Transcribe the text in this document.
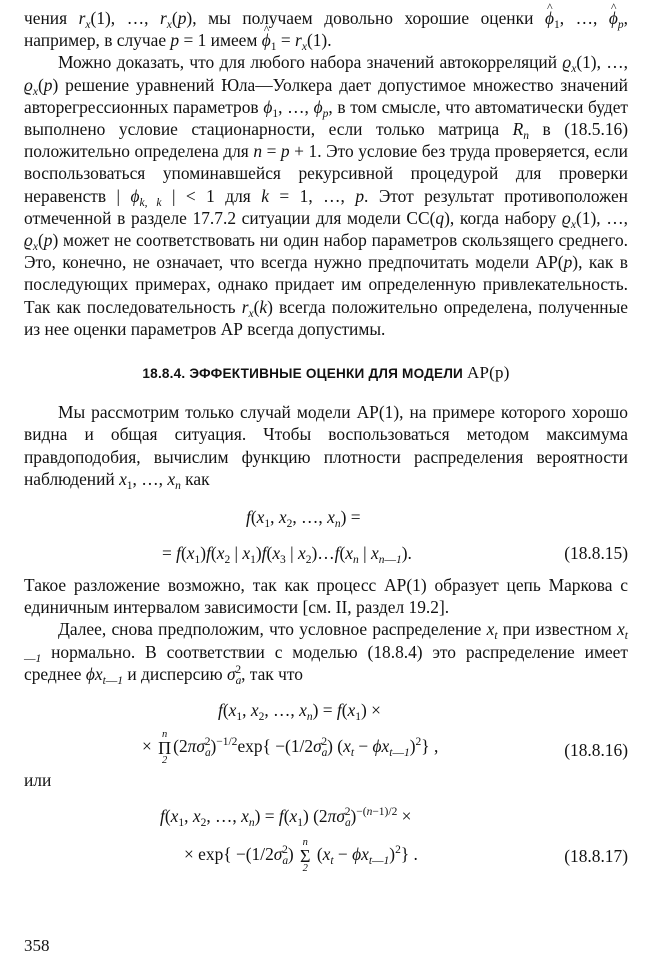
чения $r_x(1)$, …, $r_x(p)$, мы получаем довольно хорошие оценки ^ $\phi_1$, …, ^ $\phi_p$, например, в случае p = 1 имеем ^ $\phi_1 = r_x(1)$.

Можно доказать, что для любого набора значений автокорреляций $ϱ_x(1)$, …, $ϱ_x(p)$ решение уравнений Юла—Уолкера дает допустимое множество значений авторегрессионных параметров $\phi_1$, …, $\phi_p$, в том смысле, что автоматически будет выполнено условие стационарности, если только матрица $R_n$ в (18.5.16) положительно определена для n = p + 1. Это условие без труда проверяется, если воспользоваться упоминавшейся рекурсивной процедурой для проверки неравенств | $\phi_{k, k}$ | < 1 для k = 1, …, p. Этот результат противоположен отмеченной в разделе 17.7.2 ситуации для модели СС(q), когда набору $ϱ_x(1)$, …, $ϱ_x(p)$ может не соответствовать ни один набор параметров скользящего среднего. Это, конечно, не означает, что всегда нужно предпочитать модели АР(p), как в последующих примерах, однако придает им определенную привлекательность. Так как последовательность $r_x(k)$ всегда положительно определена, полученные из нее оценки параметров АР всегда допустимы.

18.8.4. ЭФФЕКТИВНЫЕ ОЦЕНКИ ДЛЯ МОДЕЛИ АР(p)

Мы рассмотрим только случай модели АР(1), на примере которого хорошо видна и общая ситуация. Чтобы воспользоваться методом максимума правдоподобия, вычислим функцию плотности распределения вероятности наблюдений $x_1$, …, $x_n$ как

$f(x_1$, $x_2$, …, $x_n$) =
= $f(x_1)f(x_2$ | $x_1)f(x_3$ | $x_2)\dots f(x_n$ | $x_{n—1}$).	(18.8.15)

Такое разложение возможно, так как процесс АР(1) образует цепь Маркова с единичным интервалом зависимости [см. II, раздел 19.2].

Далее, снова предположим, что условное распределение $x_t$ при известном $x_{t—1}$ нормально. В соответствии с моделью (18.8.4) это распределение имеет среднее $\phi x_{t—1}$ и дисперсию $\sigma_a^2$, так что

$f(x_1$, $x_2$, …, $x_n) = f(x_1)$ ×
×
n
Π
2
$(2\pi\sigma_a^2)^{-1/2}\exp\{ -(1/2\sigma_a^2) (x_t - \phi x_{t—1})^2\}$ ,	(18.8.16)

или

$f(x_1$, $x_2$, …, $x_n) = f(x_1)$ $(2\pi\sigma_a^2)^{-(n-1)/2}$ ×
× $\exp\{ -(1/2\sigma_a^2)$
n
Σ
2
$(x_t - \phi x_{t—1})^2$} .	(18.8.17)
358
